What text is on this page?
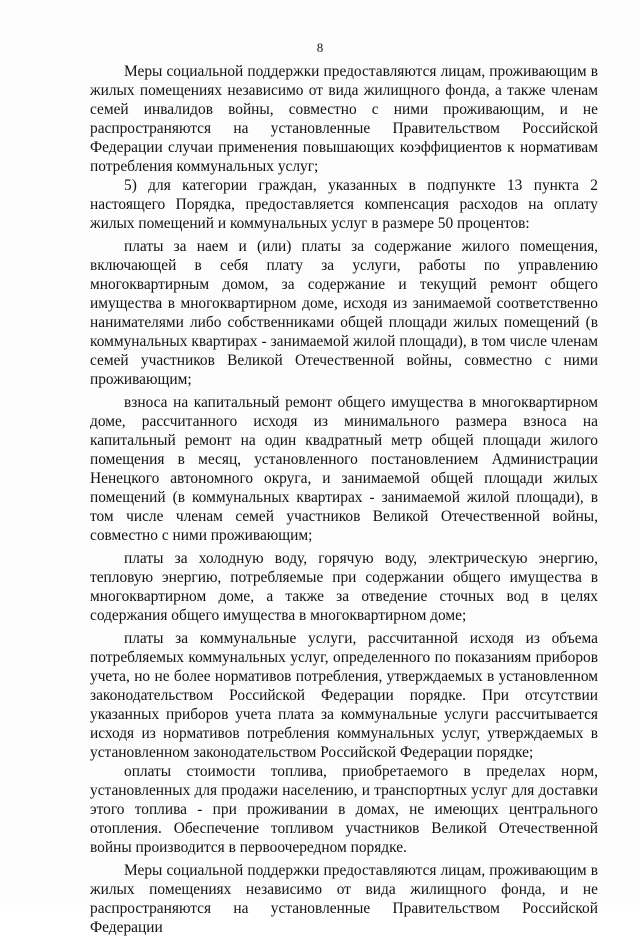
8

Меры социальной поддержки предоставляются лицам, проживающим в жилых помещениях независимо от вида жилищного фонда, а также членам семей инвалидов войны, совместно с ними проживающим, и не распространяются на установленные Правительством Российской Федерации случаи применения повышающих коэффициентов к нормативам потребления коммунальных услуг;

5) для категории граждан, указанных в подпункте 13 пункта 2 настоящего Порядка, предоставляется компенсация расходов на оплату жилых помещений и коммунальных услуг в размере 50 процентов:

платы за наем и (или) платы за содержание жилого помещения, включающей в себя плату за услуги, работы по управлению многоквартирным домом, за содержание и текущий ремонт общего имущества в многоквартирном доме, исходя из занимаемой соответственно нанимателями либо собственниками общей площади жилых помещений (в коммунальных квартирах - занимаемой жилой площади), в том числе членам семей участников Великой Отечественной войны, совместно с ними проживающим;

взноса на капитальный ремонт общего имущества в многоквартирном доме, рассчитанного исходя из минимального размера взноса на капитальный ремонт на один квадратный метр общей площади жилого помещения в месяц, установленного постановлением Администрации Ненецкого автономного округа, и занимаемой общей площади жилых помещений (в коммунальных квартирах - занимаемой жилой площади), в том числе членам семей участников Великой Отечественной войны, совместно с ними проживающим;

платы за холодную воду, горячую воду, электрическую энергию, тепловую энергию, потребляемые при содержании общего имущества в многоквартирном доме, а также за отведение сточных вод в целях содержания общего имущества в многоквартирном доме;

платы за коммунальные услуги, рассчитанной исходя из объема потребляемых коммунальных услуг, определенного по показаниям приборов учета, но не более нормативов потребления, утверждаемых в установленном законодательством Российской Федерации порядке. При отсутствии указанных приборов учета плата за коммунальные услуги рассчитывается исходя из нормативов потребления коммунальных услуг, утверждаемых в установленном законодательством Российской Федерации порядке;

оплаты стоимости топлива, приобретаемого в пределах норм, установленных для продажи населению, и транспортных услуг для доставки этого топлива - при проживании в домах, не имеющих центрального отопления. Обеспечение топливом участников Великой Отечественной войны производится в первоочередном порядке.

Меры социальной поддержки предоставляются лицам, проживающим в жилых помещениях независимо от вида жилищного фонда, и не распространяются на установленные Правительством Российской Федерации
